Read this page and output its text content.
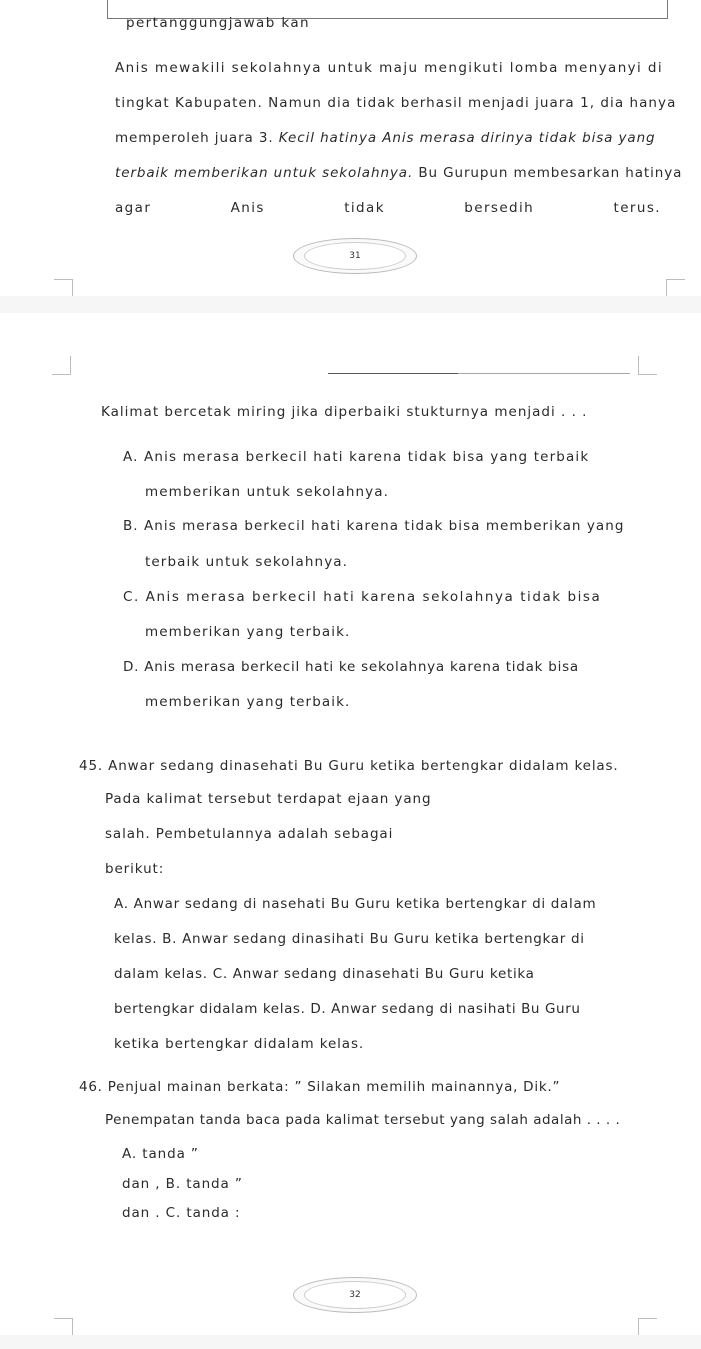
pertanggungjawab kan
Anis mewakili sekolahnya untuk maju mengikuti lomba menyanyi di
tingkat Kabupaten. Namun dia tidak berhasil menjadi juara 1, dia hanya
memperoleh juara 3. Kecil hatinya Anis merasa dirinya tidak bisa yang
terbaik memberikan untuk sekolahnya. Bu Gurupun membesarkan hatinya
agar	Anis	tidak	bersedih	terus.
31
Kalimat bercetak miring jika diperbaiki stukturnya menjadi . . .
A. Anis merasa berkecil hati karena tidak bisa yang terbaik
memberikan untuk sekolahnya.
B. Anis merasa berkecil hati karena tidak bisa memberikan yang
terbaik untuk sekolahnya.
C. Anis merasa berkecil hati karena sekolahnya tidak bisa
memberikan yang terbaik.
D. Anis merasa berkecil hati ke sekolahnya karena tidak bisa
memberikan yang terbaik.
45. Anwar sedang dinasehati Bu Guru ketika bertengkar didalam kelas.
Pada kalimat tersebut terdapat ejaan yang
salah. Pembetulannya adalah sebagai
berikut:
A. Anwar sedang di nasehati Bu Guru ketika bertengkar di dalam
kelas. B. Anwar sedang dinasihati Bu Guru ketika bertengkar di
dalam kelas. C. Anwar sedang dinasehati Bu Guru ketika
bertengkar didalam kelas. D. Anwar sedang di nasihati Bu Guru
ketika bertengkar didalam kelas.
46. Penjual mainan berkata: ” Silakan memilih mainannya, Dik.”
Penempatan tanda baca pada kalimat tersebut yang salah adalah . . . .
A. tanda ”
dan , B. tanda ”
dan . C. tanda :
32
